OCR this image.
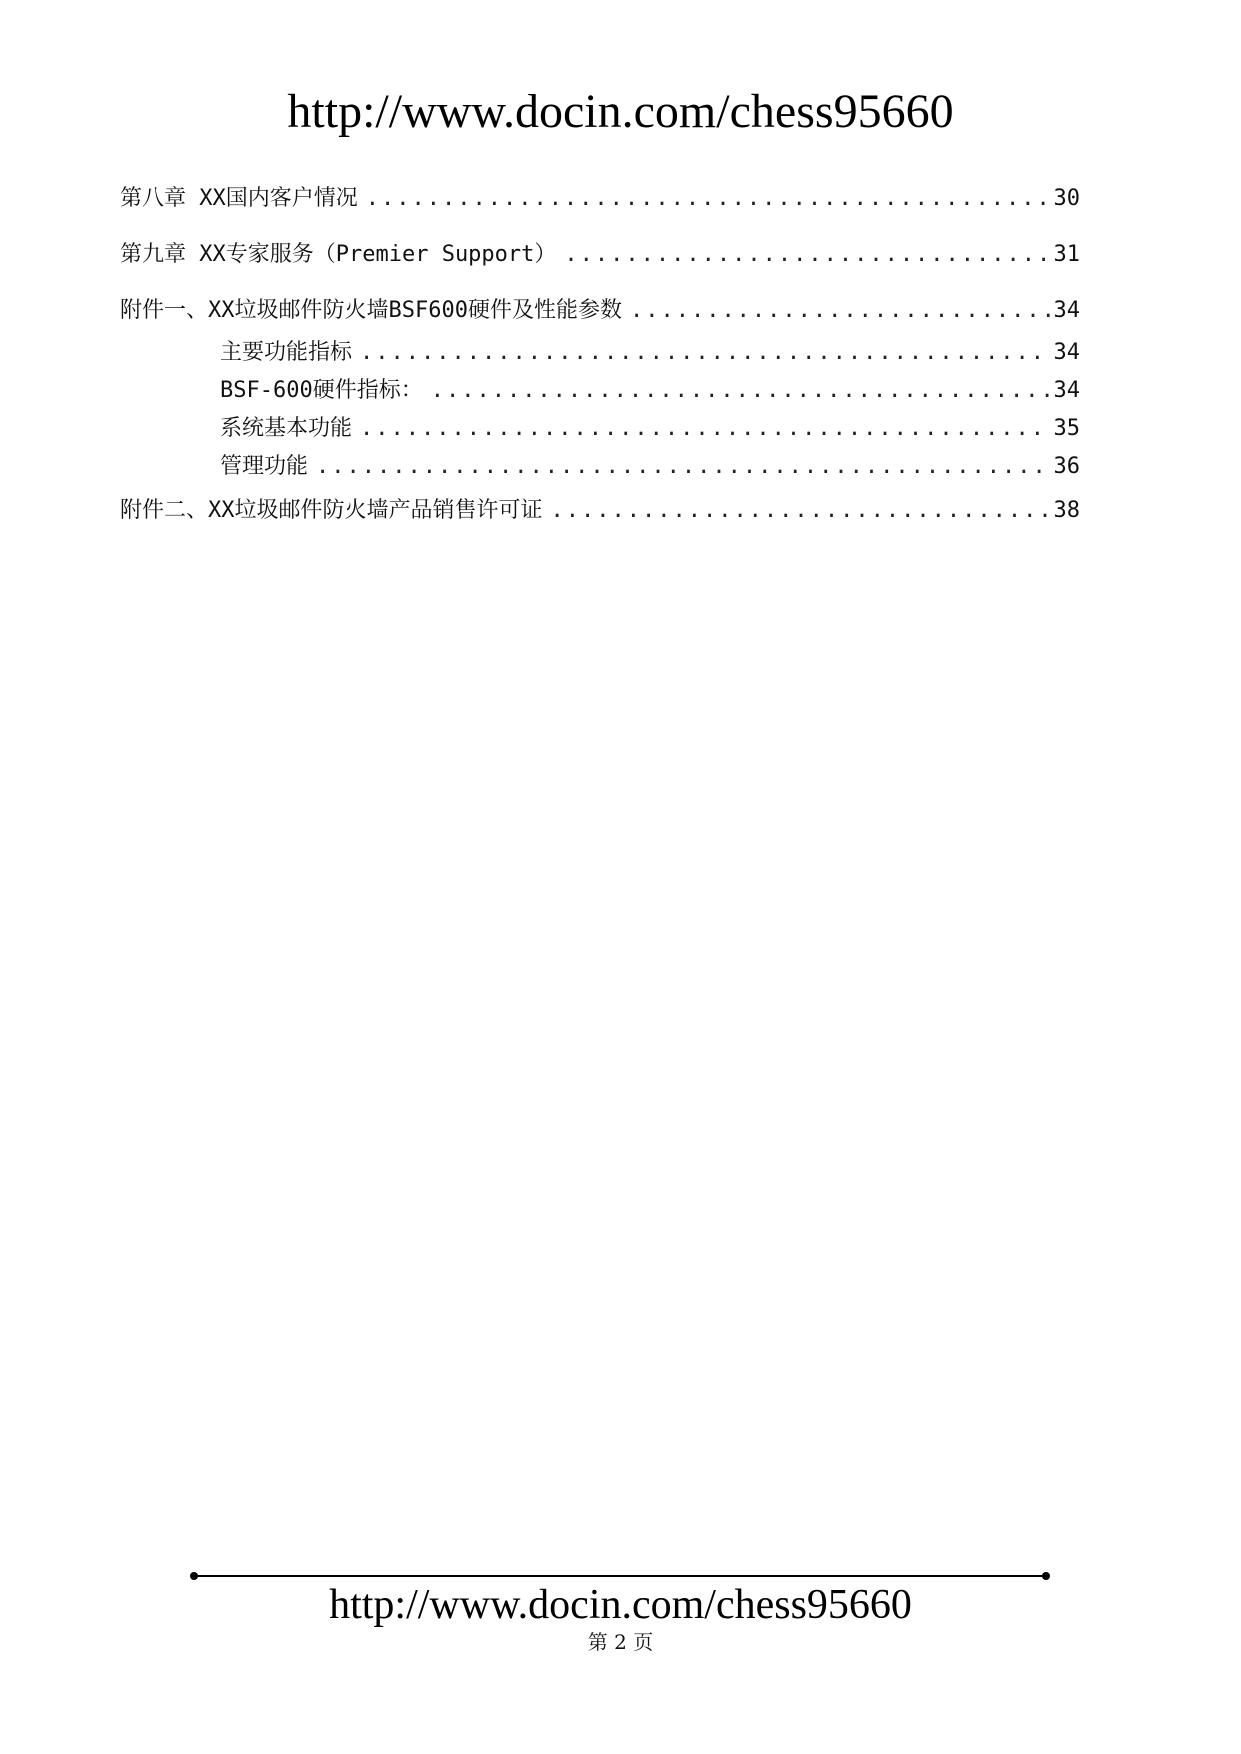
http://www.docin.com/chess95660
第八章 XX国内客户情况 .....	30
第九章 XX专家服务（Premier Support） .....	31
附件一、XX垃圾邮件防火墙BSF600硬件及性能参数 .....	34
主要功能指标 .....	34
BSF-600硬件指标： .....	34
系统基本功能 .....	35
管理功能 .....	36
附件二、XX垃圾邮件防火墙产品销售许可证 .....	38
http://www.docin.com/chess95660
第 2 页
